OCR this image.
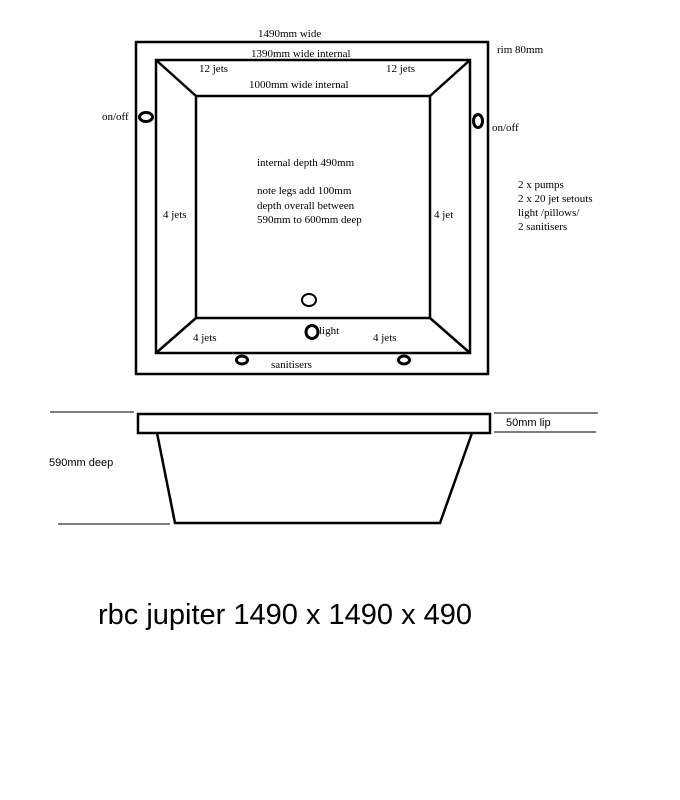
1490mm wide
1390mm wide internal
1000mm wide internal
rim 80mm
12 jets	12 jets
4 jets	4 jet
4 jets	4 jets
on/off
on/off
light
sanitisers
internal depth 490mm
note legs add 100mm
depth overall between
590mm to 600mm deep
2 x pumps
2 x 20 jet setouts
light /pillows/
2 sanitisers
50mm lip
590mm deep
rbc jupiter 1490 x 1490 x 490
